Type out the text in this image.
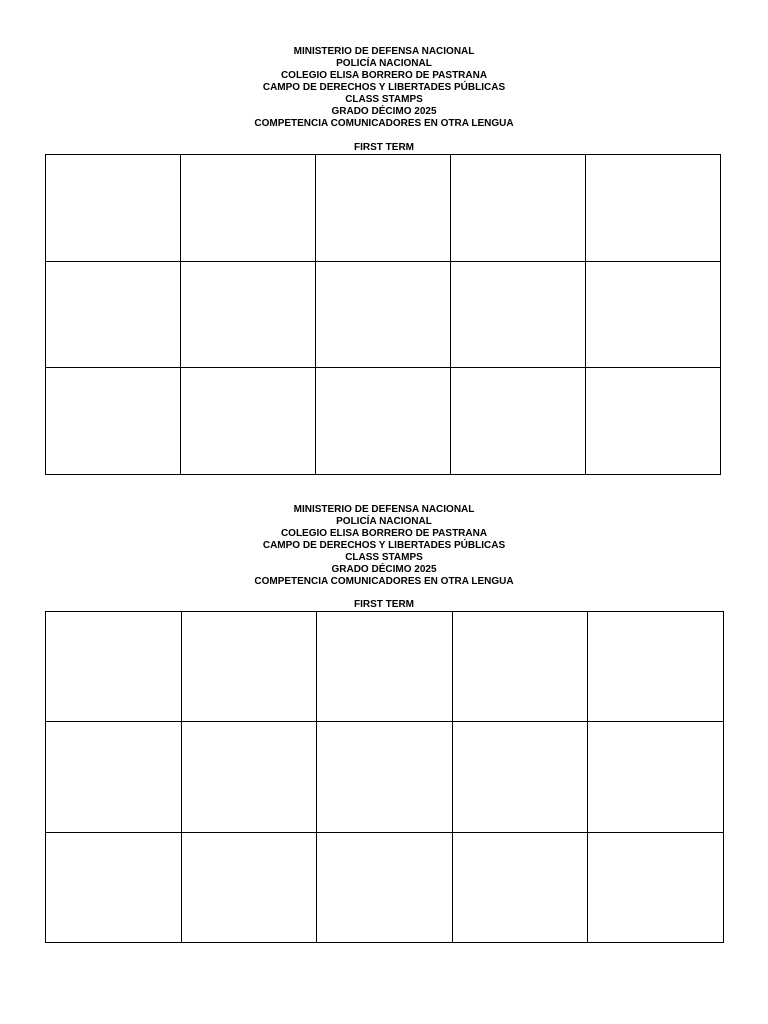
MINISTERIO DE DEFENSA NACIONAL
POLICÍA NACIONAL
COLEGIO ELISA BORRERO DE PASTRANA
CAMPO DE DERECHOS Y LIBERTADES PÚBLICAS
CLASS STAMPS
GRADO DÉCIMO 2025
COMPETENCIA COMUNICADORES EN OTRA LENGUA
FIRST TERM

MINISTERIO DE DEFENSA NACIONAL
POLICÍA NACIONAL
COLEGIO ELISA BORRERO DE PASTRANA
CAMPO DE DERECHOS Y LIBERTADES PÚBLICAS
CLASS STAMPS
GRADO DÉCIMO 2025
COMPETENCIA COMUNICADORES EN OTRA LENGUA
FIRST TERM
